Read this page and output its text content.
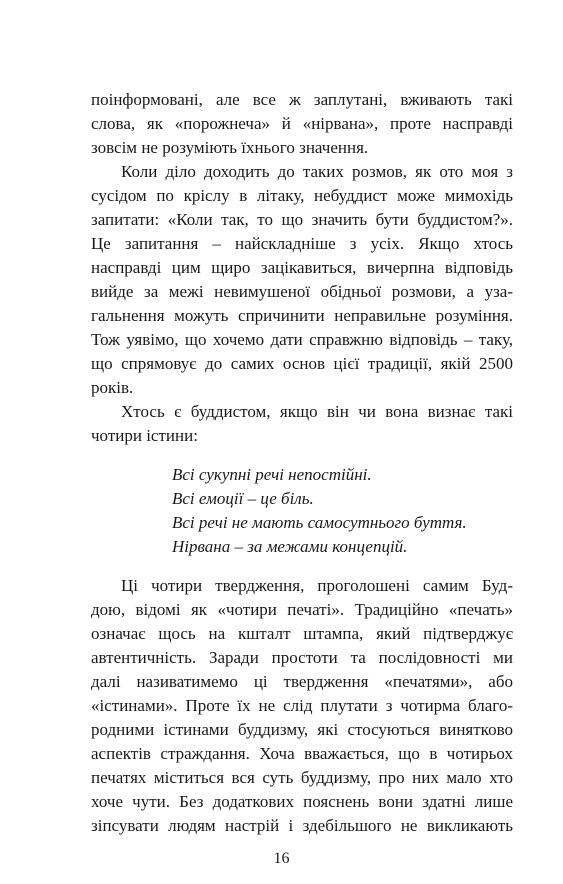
поінформовані, але все ж заплутані, вживають такі
слова, як «порожнеча» й «нірвана», проте насправді
зовсім не розуміють їхнього значення.
Коли діло доходить до таких розмов, як ото моя з
сусідом по кріслу в літаку, небуддист може мимохідь
запитати: «Коли так, то що значить бути буддистом?».
Це запитання – найскладніше з усіх. Якщо хтось
насправді цим щиро зацікавиться, вичерпна відповідь
вийде за межі невимушеної обідньої розмови, а уза-
гальнення можуть спричинити неправильне розуміння.
Тож уявімо, що хочемо дати справжню відповідь – таку,
що спрямовує до самих основ цієї традиції, якій 2500
років.
Хтось є буддистом, якщо він чи вона визнає такі
чотири істини:
Всі сукупні речі непостійні.
Всі емоції – це біль.
Всі речі не мають самосутнього буття.
Нірвана – за межами концепцій.
Ці чотири твердження, проголошені самим Буд-
дою, відомі як «чотири печаті». Традиційно «печать»
означає щось на кшталт штампа, який підтверджує
автентичність. Заради простоти та послідовності ми
далі називатимемо ці твердження «печатями», або
«істинами». Проте їх не слід плутати з чотирма благо-
родними істинами буддизму, які стосуються винятково
аспектів страждання. Хоча вважається, що в чотирьох
печатях міститься вся суть буддизму, про них мало хто
хоче чути. Без додаткових пояснень вони здатні лише
зіпсувати людям настрій і здебільшого не викликають
16
